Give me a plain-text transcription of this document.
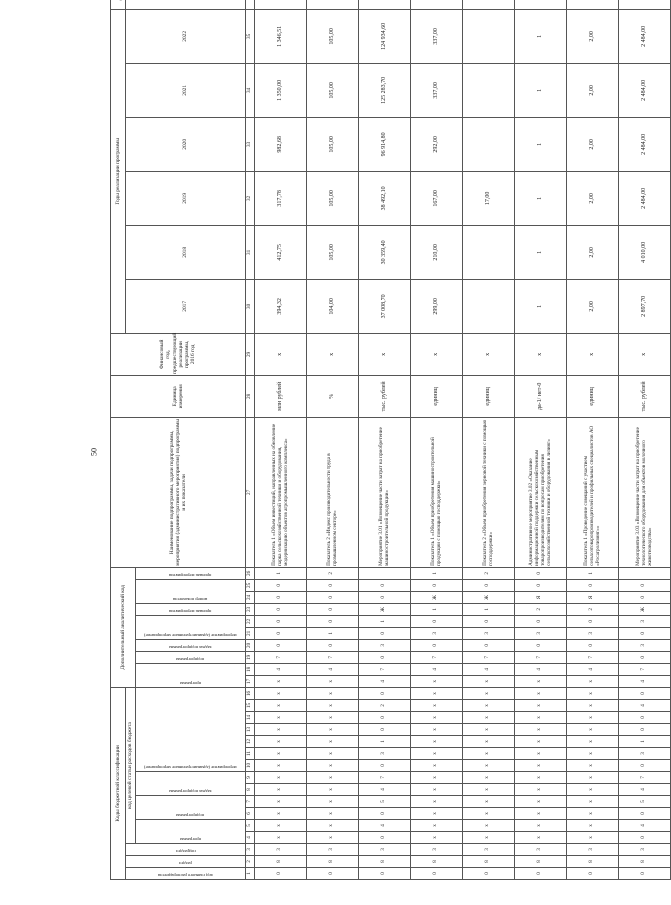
50
Коды бюджетной классификации																Дополнительный аналитический код										Наименование подпрограммы, задачи подпрограммы, мероприятия (административного мероприятия) подпрограммы и их показатели	Единица измерения	Финансовый год, предшествующий реализации программы, 2016 год	Годы реализации программы	

код главного распорядителя	раздел	подраздел	код целевой статьи расходов бюджета																										2017	2018	2019	2020	2021	2022	

			программа		подпрограмма		задача подпрограммы		мероприятие (административное мероприятие)							программа		подпрограмма	задача подпрограммы	мероприятие (административное мероприятие)		признак мероприятия	номер показателя		признак мероприятия											

1	2	3	4	5	6	7	8	9	10	11	12	13	14	15	16	17	18	19	20	21	22	23	24	25	26	27	28	29	30	31	32	33	34	35		
0	8	3	x	x	x	x	x	x	x	x	x	x	x	x	x	x	4	7	0	0	0	0	0	0	1	Показатель 1 «Объем инвестиций, направленных на обновление парка сельскохозяйственной техники и оборудования, модернизацию объектов агропромышленного комплекса»	млн рублей	x	394,32	412,75	317,78	982,68	1 350,00	1 346,51	
0	8	3	x	x	x	x	x	x	x	x	x	x	x	x	x	x	4	7	0	1	0	0	0	0	2	Показатель 2 «Индекс производительности труда в промышленном секторе»	%	x	104,00	105,00	105,00	105,00	105,00	105,00	
0	8	3	0	4	0	5	4	7	0	3	1	0	0	2	0	4	7	0	3	0	1	Ж	0	0		Мероприятие 3.01 «Возмещение части затрат на приобретение машиностроительной продукции»	тыс. рублей	x	37 008,70	30 359,40	38 492,10	96 914,80	125 283,70	124 934,60	
0	8	3	x	x	x	x	x	x	x	x	x	x	x	x	x	x	4	7	0	3	0	1	Ж	0	1	Показатель 1 «Объем приобретения машиностроительной продукции с помощью господдержки»	единиц	x	299,00	210,00	167,00	292,00	337,00	337,00	
0	8	3	x	x	x	x	x	x	x	x	x	x	x	x	x	x	4	7	0	3	0	1	Ж	0	2	Показатель 2 «Объем приобретения зерновой техники с помощью господдержки»	единиц	x			17,00				
0	8	3	x	x	x	x	x	x	x	x	x	x	x	x	x	x	4	7	0	3	0	2	Я	0	0	Административное мероприятие 3.02 «Оказание информационной поддержки сельскохозяйственным товаропроизводителям по вопросам приобретения сельскохозяйственной техники и оборудования в лизинг»	да-1/ нет-0	x	1	1	1	1	1	1	
0	8	3	x	x	x	x	x	x	x	x	x	x	x	x	x	x	4	7	0	3	0	2	Я	0	1	Показатель 1 «Проведение совещаний с участием сельхозтоваропроизводителей и профильных специалистов АО «Росагролизинг»»	единиц	x	2,00	2,00	2,00	2,00	2,00	2,00	
0	8	3	0	4	0	5	4	7	0	3	1	0	0	4	0	4	7	0	3	0	3	Ж	0	0		Мероприятие 3.03 «Возмещение части затрат на приобретение технологического оборудования для объектов молочного животноводства»	тыс. рублей	x	2 897,70	4 010,00	2 484,00	2 484,00	2 484,00	2 484,00	
